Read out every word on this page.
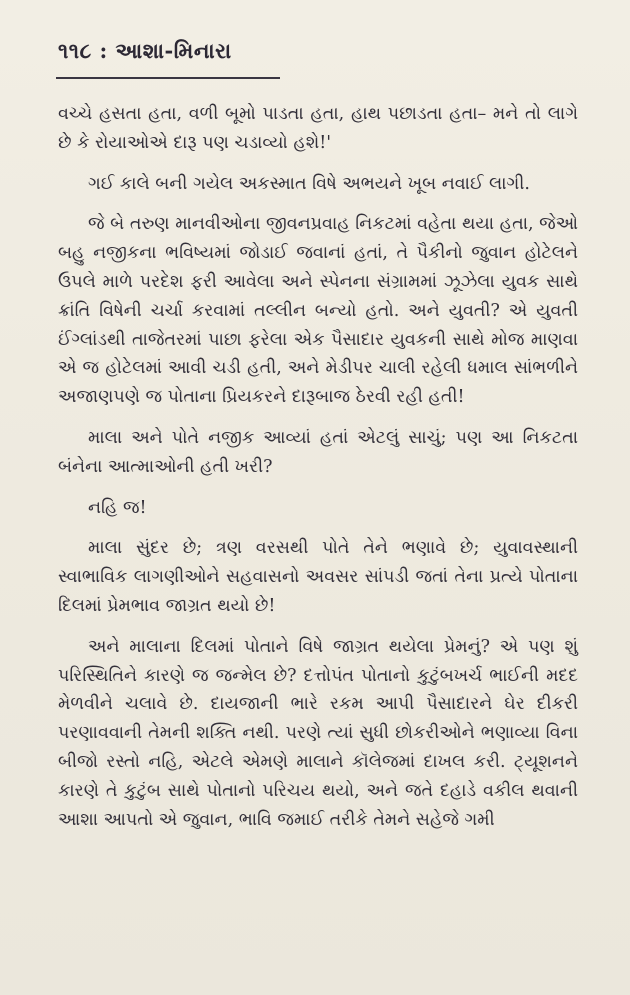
૧૧૮ : આશા-મિનારા

વચ્ચે હસતા હતા, વળી બૂમો પાડતા હતા, હાથ પછાડતા હતા– મને તો લાગે છે કે રોયાઓએ દારૂ પણ ચડાવ્યો હશે!'

ગઈ કાલે બની ગયેલ અકસ્માત વિષે અભયને ખૂબ નવાઈ લાગી.

જે બે તરુણ માનવીઓના જીવનપ્રવાહ નિકટમાં વહેતા થયા હતા, જેઓ બહુ નજીકના ભવિષ્યમાં જોડાઈ જવાનાં હતાં, તે પૈકીનો જુવાન હોટેલને ઉપલે માળે પરદેશ ફરી આવેલા અને સ્પેનના સંગ્રામમાં ઝૂઝેલા યુવક સાથે ક્રાંતિ વિષેની ચર્ચા કરવામાં તલ્લીન બન્યો હતો. અને યુવતી? એ યુવતી ઈંગ્લાંડથી તાજેતરમાં પાછા ફરેલા એક પૈસાદાર યુવકની સાથે મોજ માણવા એ જ હોટેલમાં આવી ચડી હતી, અને મેડીપર ચાલી રહેલી ધમાલ સાંભળીને અજાણપણે જ પોતાના પ્રિયકરને દારૂબાજ ઠેરવી રહી હતી!

માલા અને પોતે નજીક આવ્યાં હતાં એટલું સાચું; પણ આ નિકટતા બંનેના આત્માઓની હતી ખરી?

નહિ જ!

માલા સુંદર છે; ત્રણ વરસથી પોતે તેને ભણાવે છે; યુવાવસ્થાની સ્વાભાવિક લાગણીઓને સહવાસનો અવસર સાંપડી જતાં તેના પ્રત્યે પોતાના દિલમાં પ્રેમભાવ જાગ્રત થયો છે!

અને માલાના દિલમાં પોતાને વિષે જાગ્રત થયેલા પ્રેમનું? એ પણ શું પરિસ્થિતિને કારણે જ જન્મેલ છે? દત્તોપંત પોતાનો કુટુંબખર્ચ ભાઈની મદદ મેળવીને ચલાવે છે. દાયજાની ભારે રકમ આપી પૈસાદારને ઘેર દીકરી પરણાવવાની તેમની શક્તિ નથી. પરણે ત્યાં સુધી છોકરીઓને ભણાવ્યા વિના બીજો રસ્તો નહિ, એટલે એમણે માલાને કૉલેજમાં દાખલ કરી. ટ્યૂશનને કારણે તે કુટુંબ સાથે પોતાનો પરિચય થયો, અને જતે દહાડે વકીલ થવાની આશા આપતો એ જુવાન, ભાવિ જમાઈ તરીકે તેમને સહેજે ગમી
